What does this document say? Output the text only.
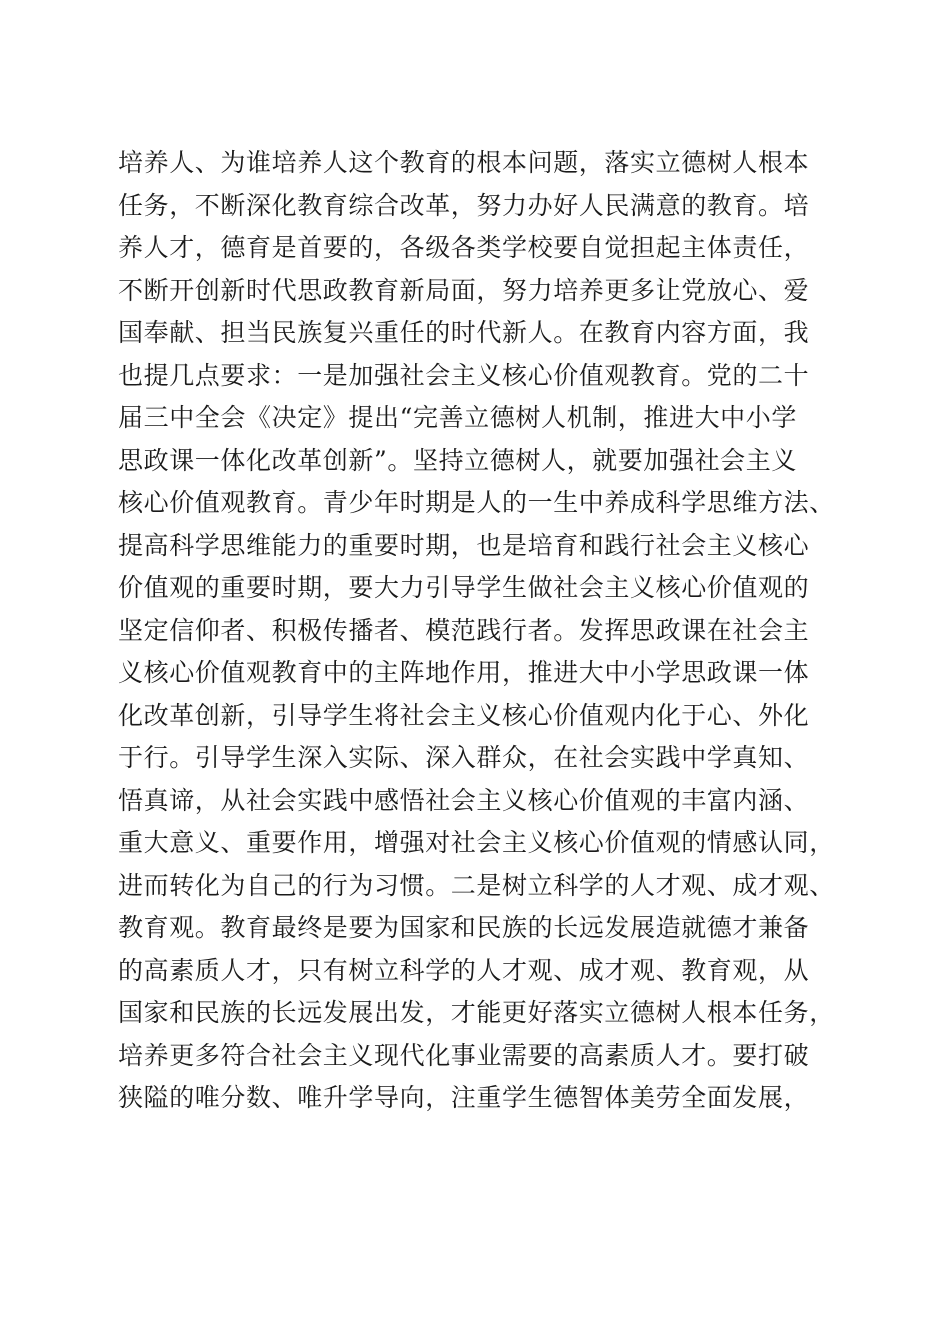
培养人、为谁培养人这个教育的根本问题，落实立德树人根本
任务，不断深化教育综合改革，努力办好人民满意的教育。培
养人才，德育是首要的，各级各类学校要自觉担起主体责任，
不断开创新时代思政教育新局面，努力培养更多让党放心、爱
国奉献、担当民族复兴重任的时代新人。在教育内容方面，我
也提几点要求：一是加强社会主义核心价值观教育。党的二十
届三中全会《决定》提出“完善立德树人机制，推进大中小学
思政课一体化改革创新”。坚持立德树人，就要加强社会主义
核心价值观教育。青少年时期是人的一生中养成科学思维方法、
提高科学思维能力的重要时期，也是培育和践行社会主义核心
价值观的重要时期，要大力引导学生做社会主义核心价值观的
坚定信仰者、积极传播者、模范践行者。发挥思政课在社会主
义核心价值观教育中的主阵地作用，推进大中小学思政课一体
化改革创新，引导学生将社会主义核心价值观内化于心、外化
于行。引导学生深入实际、深入群众，在社会实践中学真知、
悟真谛，从社会实践中感悟社会主义核心价值观的丰富内涵、
重大意义、重要作用，增强对社会主义核心价值观的情感认同，
进而转化为自己的行为习惯。二是树立科学的人才观、成才观、
教育观。教育最终是要为国家和民族的长远发展造就德才兼备
的高素质人才，只有树立科学的人才观、成才观、教育观，从
国家和民族的长远发展出发，才能更好落实立德树人根本任务，
培养更多符合社会主义现代化事业需要的高素质人才。要打破
狭隘的唯分数、唯升学导向，注重学生德智体美劳全面发展，
